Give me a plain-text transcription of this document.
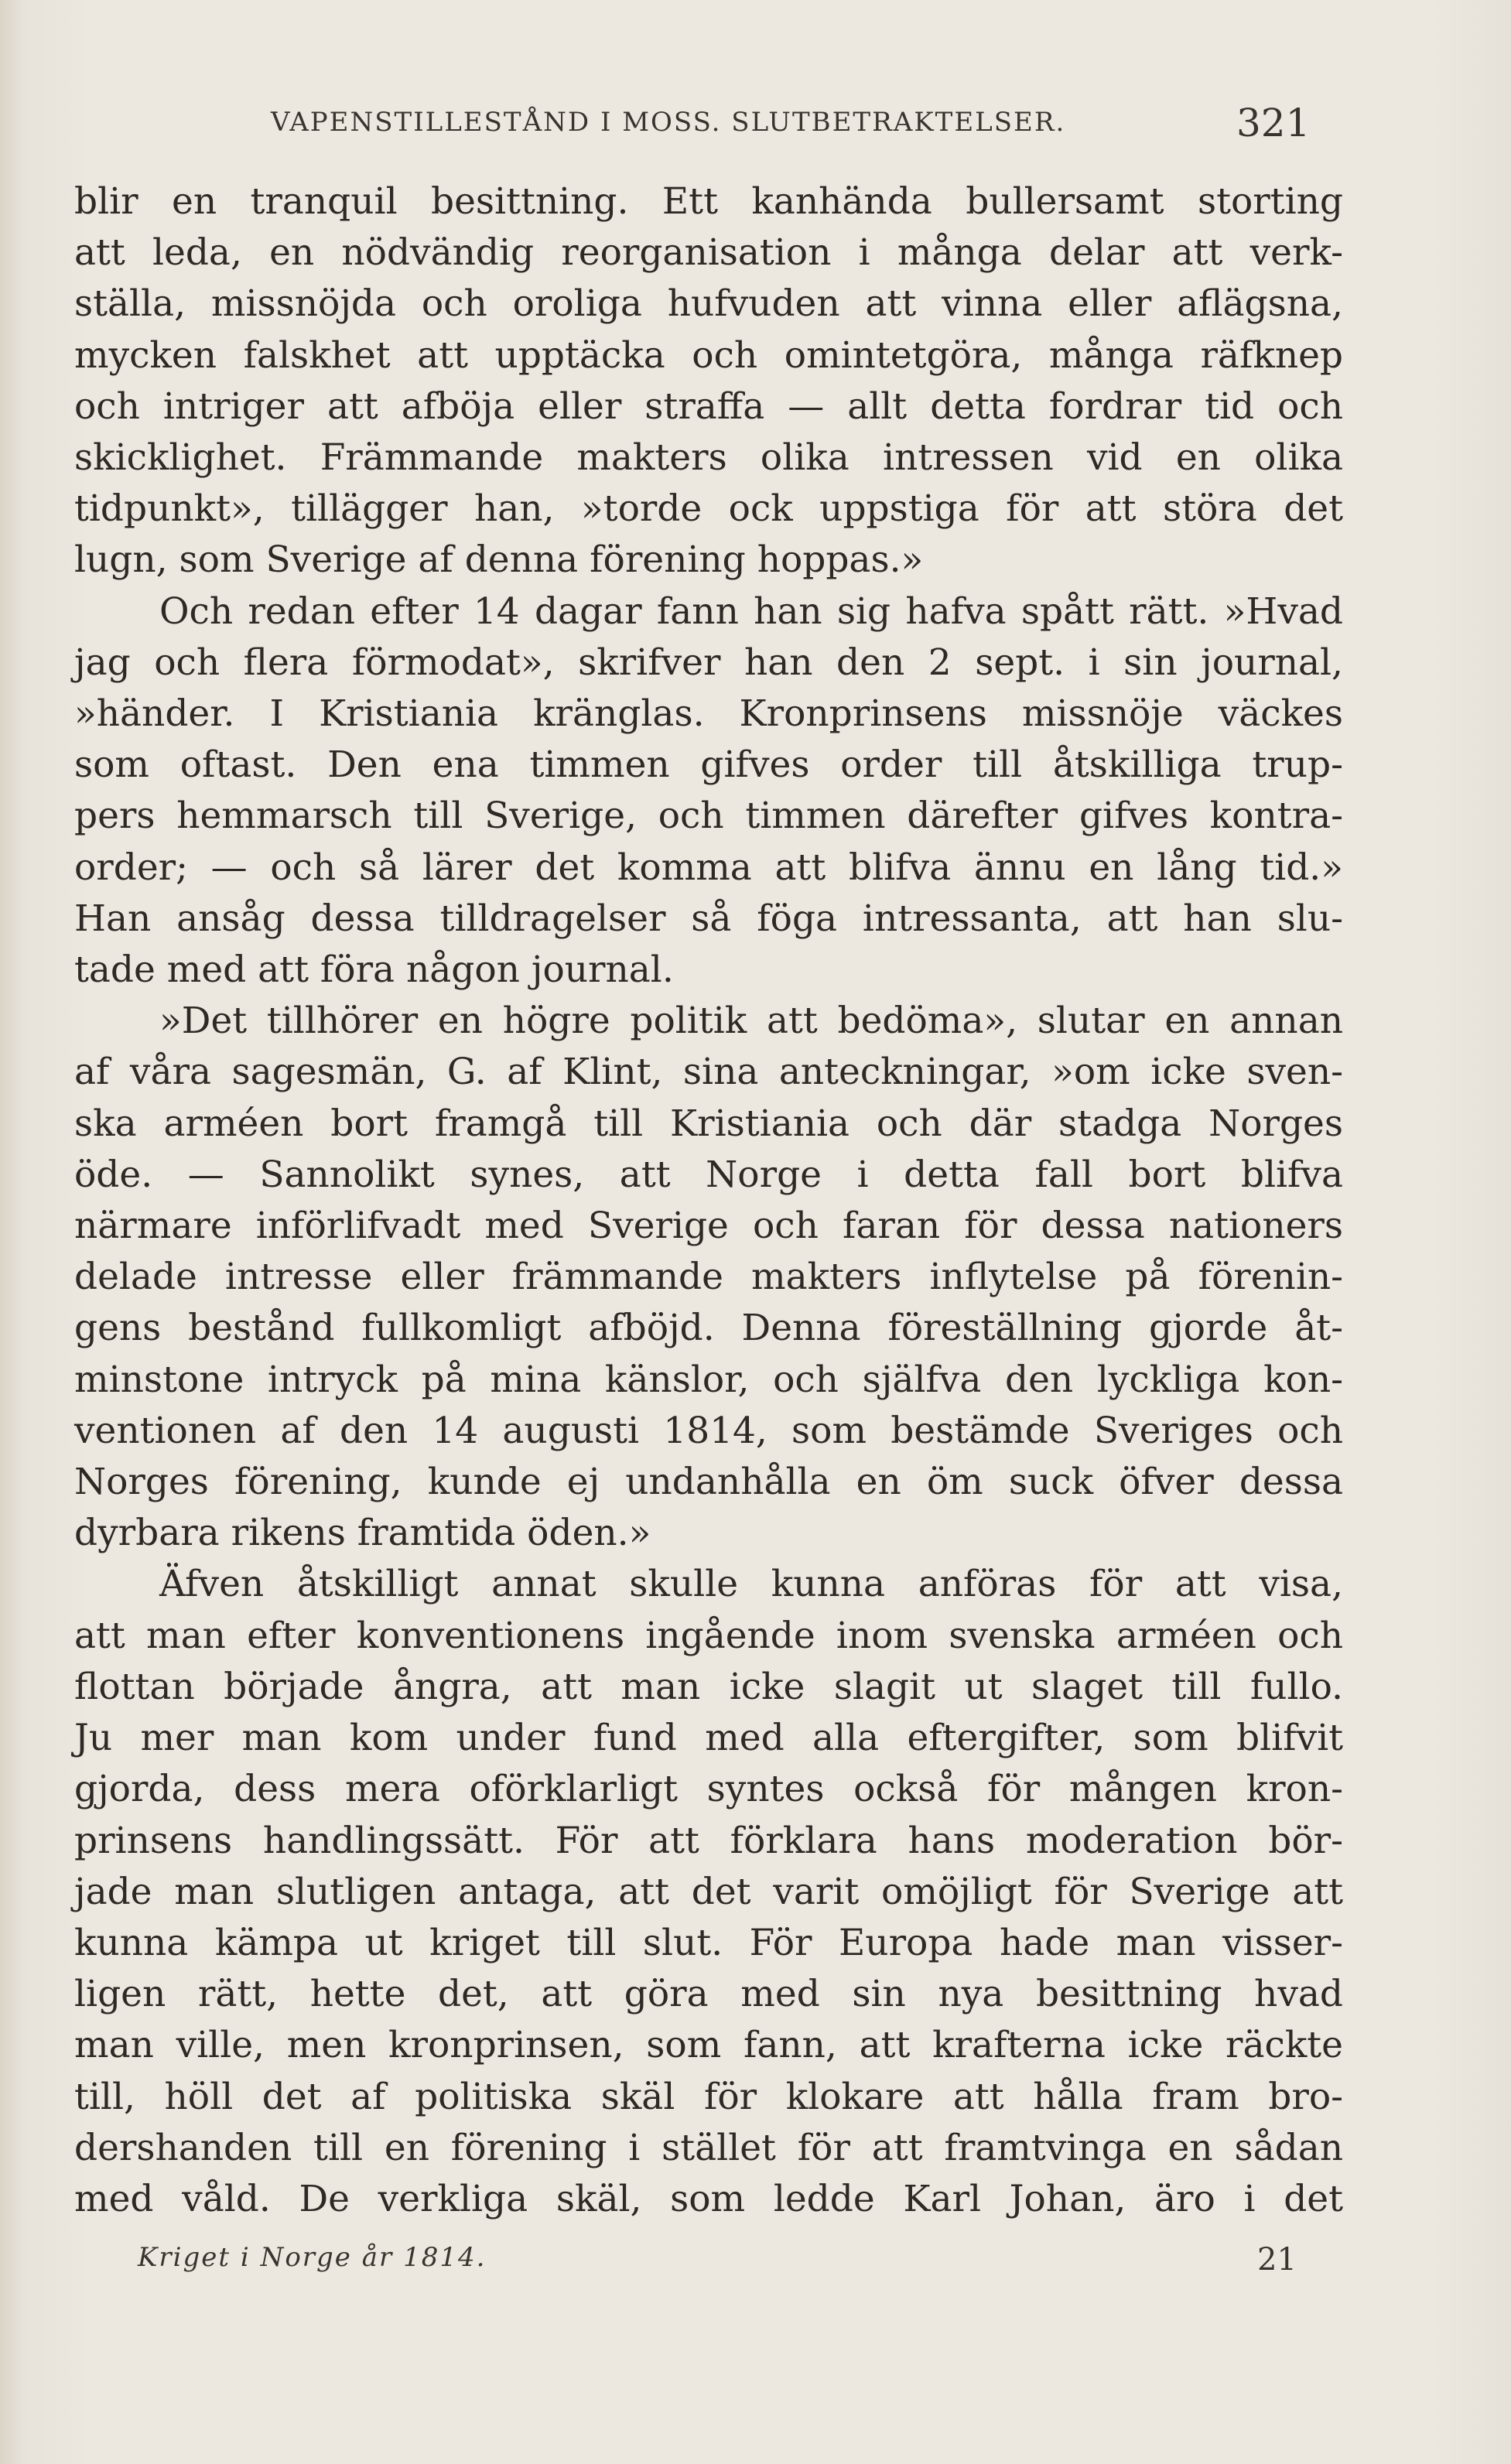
VAPENSTILLESTÅND I MOSS. SLUTBETRAKTELSER.	321
blir en tranquil besittning. Ett kanhända bullersamt storting
att leda, en nödvändig reorganisation i många delar att verk-
ställa, missnöjda och oroliga hufvuden att vinna eller aflägsna,
mycken falskhet att upptäcka och omintetgöra, många räfknep
och intriger att afböja eller straffa — allt detta fordrar tid och
skicklighet. Främmande makters olika intressen vid en olika
tidpunkt», tillägger han, »torde ock uppstiga för att störa det
lugn, som Sverige af denna förening hoppas.»
Och redan efter 14 dagar fann han sig hafva spått rätt. »Hvad
jag och flera förmodat», skrifver han den 2 sept. i sin journal,
»händer. I Kristiania kränglas. Kronprinsens missnöje väckes
som oftast. Den ena timmen gifves order till åtskilliga trup-
pers hemmarsch till Sverige, och timmen därefter gifves kontra-
order; — och så lärer det komma att blifva ännu en lång tid.»
Han ansåg dessa tilldragelser så föga intressanta, att han slu-
tade med att föra någon journal.
»Det tillhörer en högre politik att bedöma», slutar en annan
af våra sagesmän, G. af Klint, sina anteckningar, »om icke sven-
ska arméen bort framgå till Kristiania och där stadga Norges
öde. — Sannolikt synes, att Norge i detta fall bort blifva
närmare införlifvadt med Sverige och faran för dessa nationers
delade intresse eller främmande makters inflytelse på förenin-
gens bestånd fullkomligt afböjd. Denna föreställning gjorde åt-
minstone intryck på mina känslor, och själfva den lyckliga kon-
ventionen af den 14 augusti 1814, som bestämde Sveriges och
Norges förening, kunde ej undanhålla en öm suck öfver dessa
dyrbara rikens framtida öden.»
Äfven åtskilligt annat skulle kunna anföras för att visa,
att man efter konventionens ingående inom svenska arméen och
flottan började ångra, att man icke slagit ut slaget till fullo.
Ju mer man kom under fund med alla eftergifter, som blifvit
gjorda, dess mera oförklarligt syntes också för mången kron-
prinsens handlingssätt. För att förklara hans moderation bör-
jade man slutligen antaga, att det varit omöjligt för Sverige att
kunna kämpa ut kriget till slut. För Europa hade man visser-
ligen rätt, hette det, att göra med sin nya besittning hvad
man ville, men kronprinsen, som fann, att krafterna icke räckte
till, höll det af politiska skäl för klokare att hålla fram bro-
dershanden till en förening i stället för att framtvinga en sådan
med våld. De verkliga skäl, som ledde Karl Johan, äro i det
Kriget i Norge år 1814.	21
